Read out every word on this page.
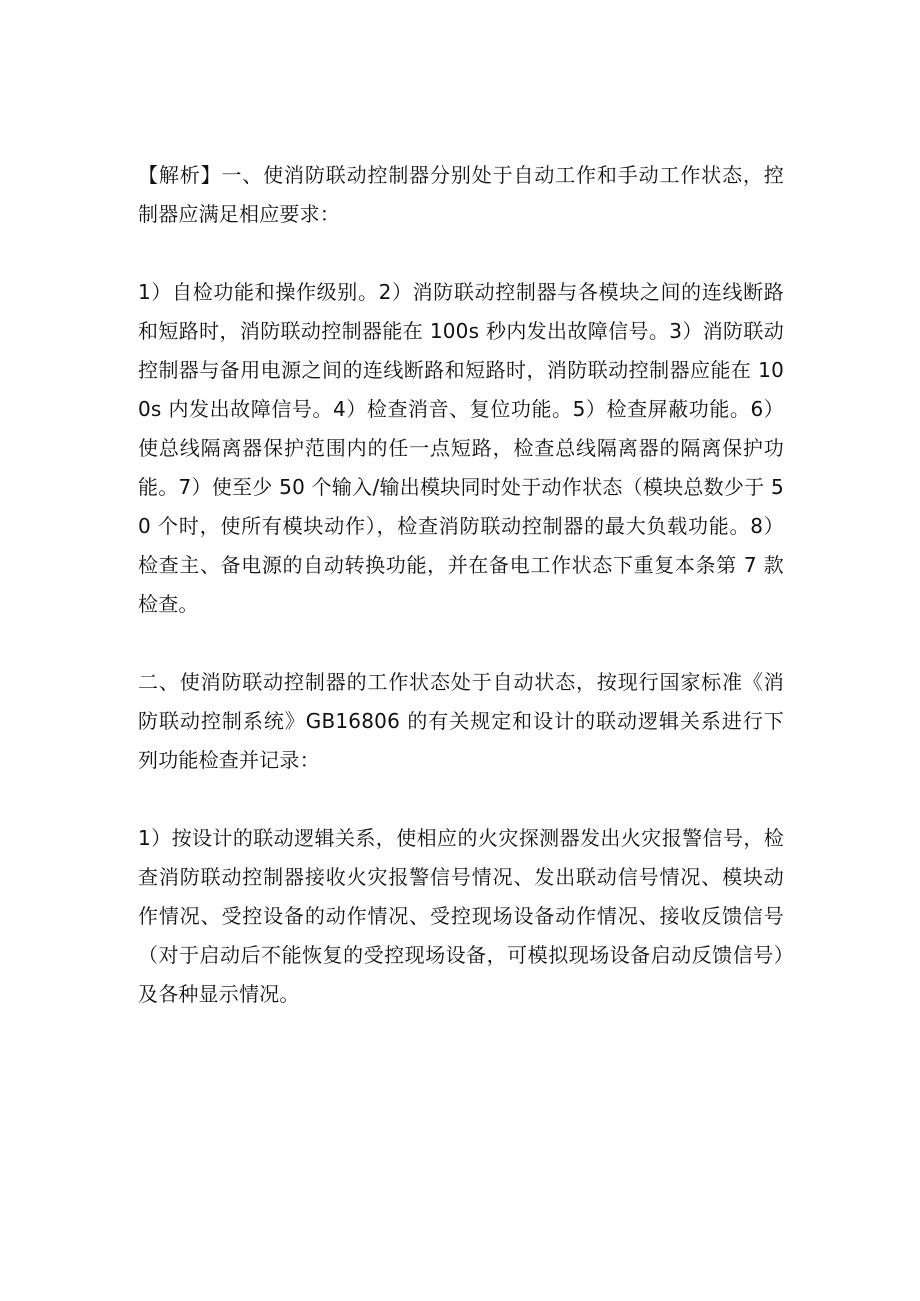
【解析】一、使消防联动控制器分别处于自动工作和手动工作状态，控制器应满足相应要求：

1）自检功能和操作级别。2）消防联动控制器与各模块之间的连线断路和短路时，消防联动控制器能在 100s 秒内发出故障信号。3）消防联动控制器与备用电源之间的连线断路和短路时，消防联动控制器应能在 100s 内发出故障信号。4）检查消音、复位功能。5）检查屏蔽功能。6）使总线隔离器保护范围内的任一点短路，检查总线隔离器的隔离保护功能。7）使至少 50 个输入/输出模块同时处于动作状态（模块总数少于 50 个时，使所有模块动作），检查消防联动控制器的最大负载功能。8）检查主、备电源的自动转换功能，并在备电工作状态下重复本条第 7 款检查。

二、使消防联动控制器的工作状态处于自动状态，按现行国家标准《消防联动控制系统》GB16806 的有关规定和设计的联动逻辑关系进行下列功能检查并记录：

1）按设计的联动逻辑关系，使相应的火灾探测器发出火灾报警信号，检查消防联动控制器接收火灾报警信号情况、发出联动信号情况、模块动作情况、受控设备的动作情况、受控现场设备动作情况、接收反馈信号（对于启动后不能恢复的受控现场设备，可模拟现场设备启动反馈信号）及各种显示情况。
